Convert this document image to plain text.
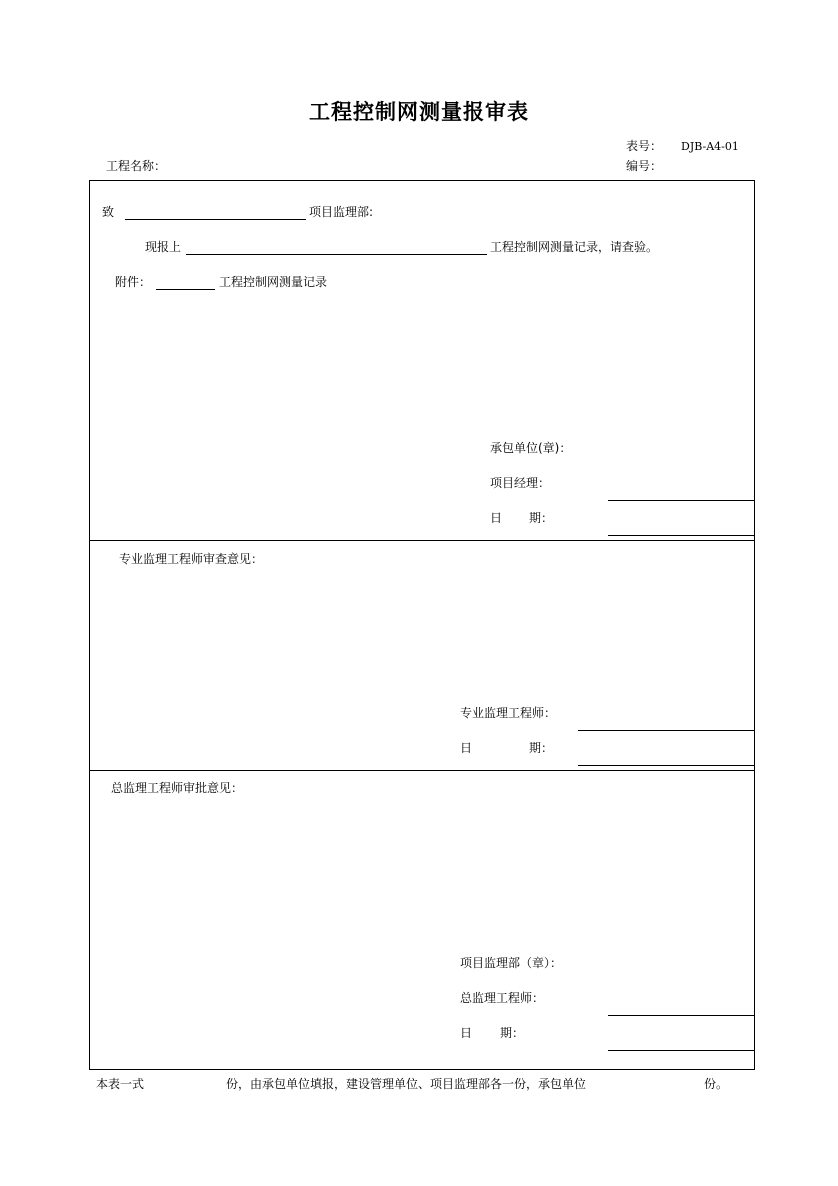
工程控制网测量报审表
表号： DJB-A4-01
编号：
工程名称：
致	项目监理部:
现报上	工程控制网测量记录，请查验。
附件：	工程控制网测量记录
承包单位(章)：
项目经理：
日 期：
专业监理工程师审查意见：
专业监理工程师：
日	期：
总监理工程师审批意见：
项目监理部（章）：
总监理工程师：
日 期：
本表一式	份，由承包单位填报，建设管理单位、项目监理部各一份，承包单位	份。
